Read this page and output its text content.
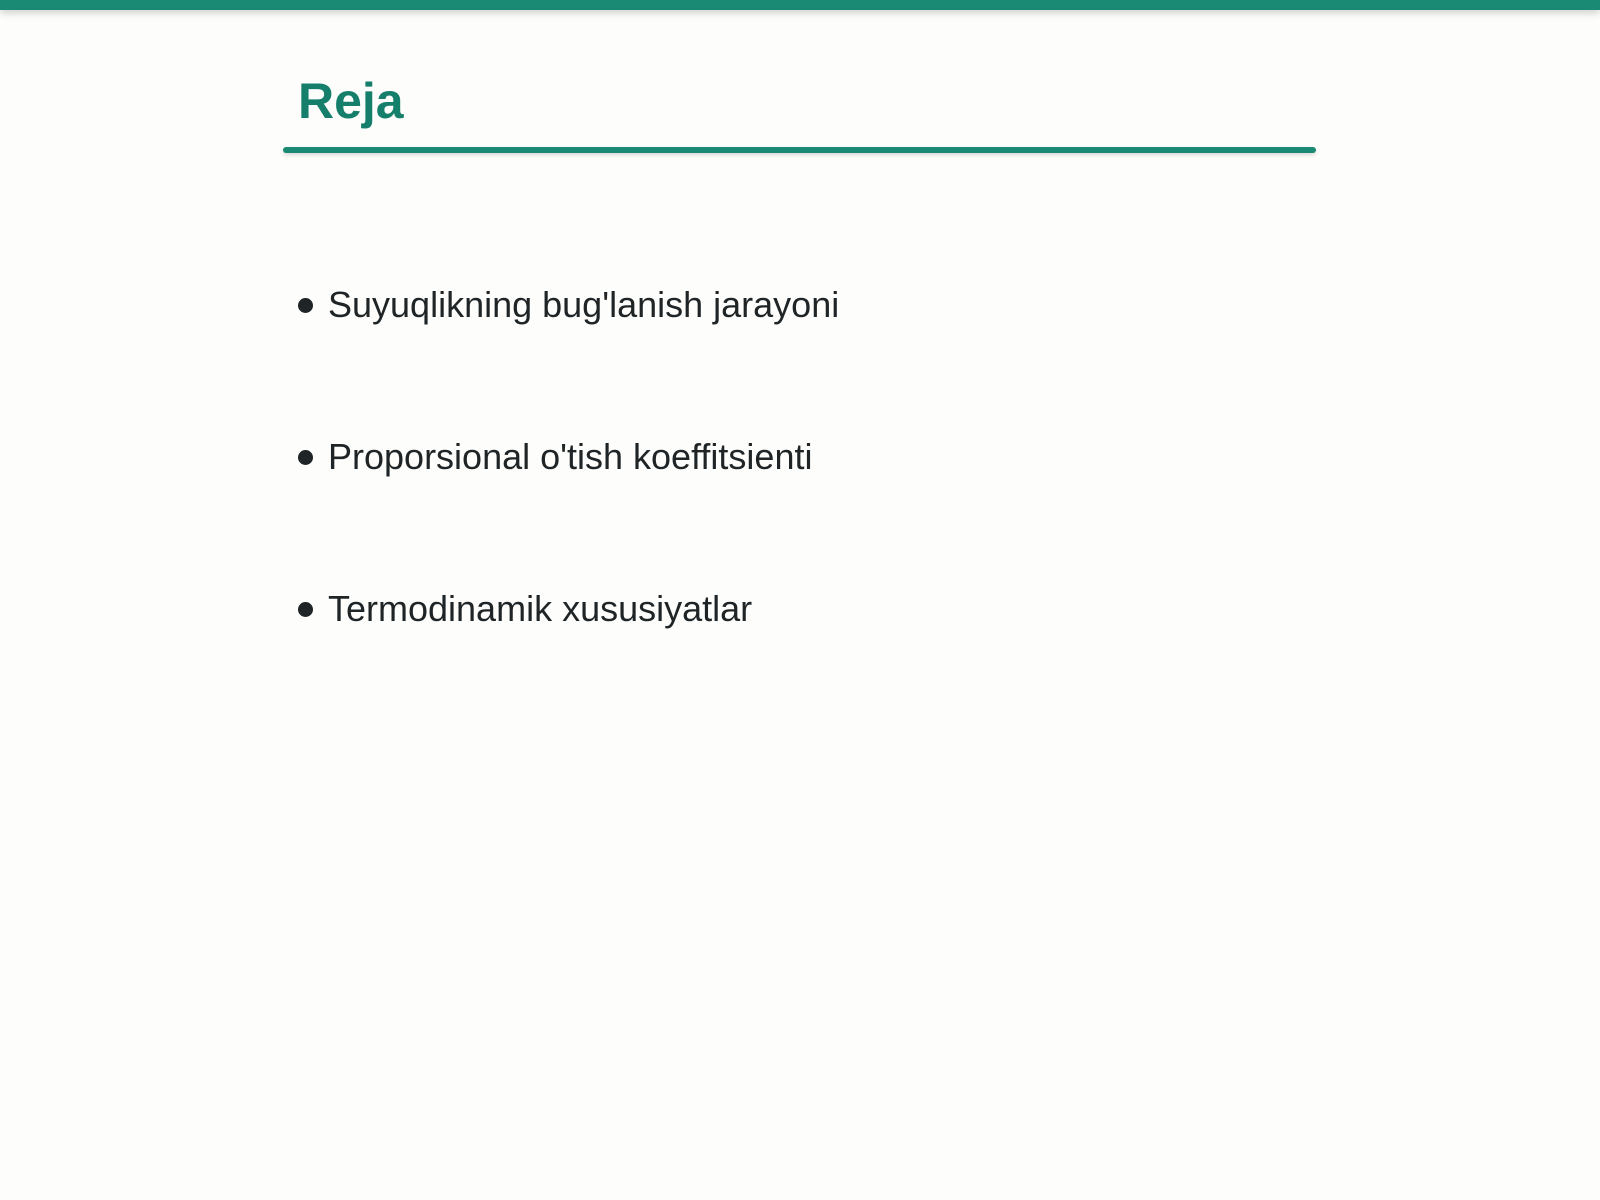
Reja
Suyuqlikning bug'lanish jarayoni
Proporsional o'tish koeffitsienti
Termodinamik xususiyatlar
